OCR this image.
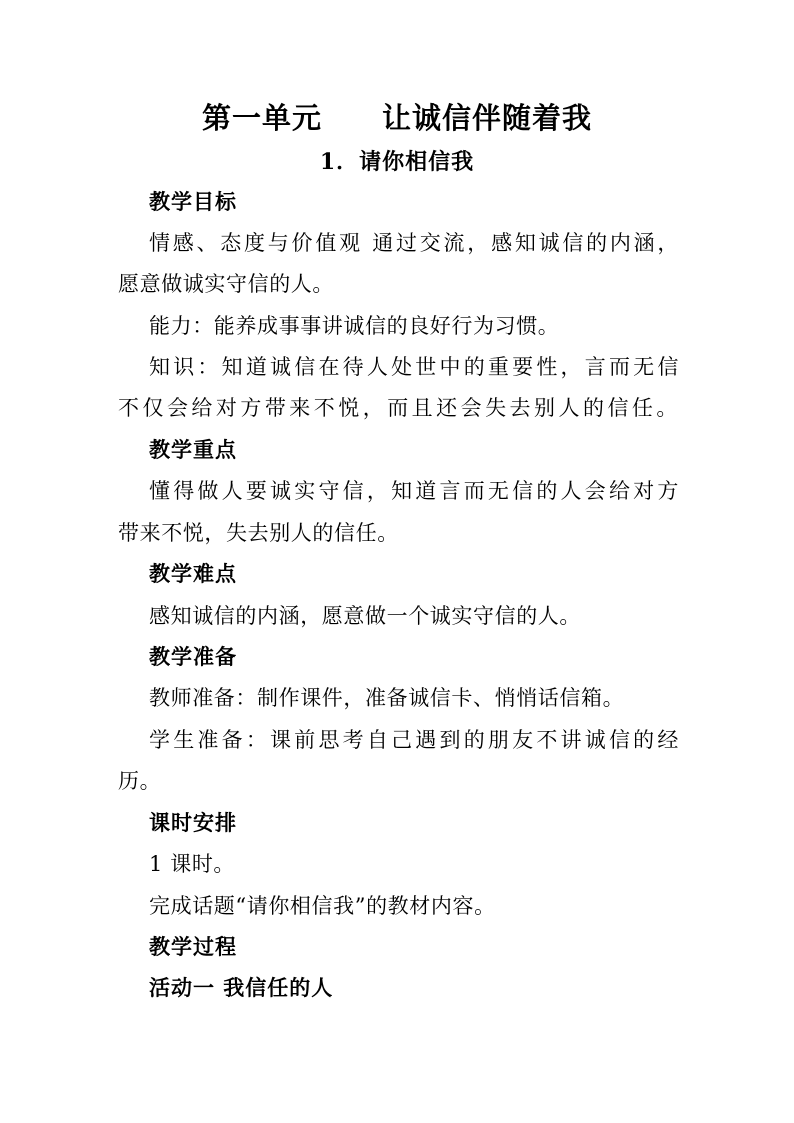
第一单元　　让诚信伴随着我
1．请你相信我
教学目标
情感、态度与价值观 通过交流，感知诚信的内涵，
愿意做诚实守信的人。
能力：能养成事事讲诚信的良好行为习惯。
知识：知道诚信在待人处世中的重要性，言而无信
不仅会给对方带来不悦，而且还会失去别人的信任。
教学重点
懂得做人要诚实守信，知道言而无信的人会给对方
带来不悦，失去别人的信任。
教学难点
感知诚信的内涵，愿意做一个诚实守信的人。
教学准备
教师准备：制作课件，准备诚信卡、悄悄话信箱。
学生准备：课前思考自己遇到的朋友不讲诚信的经
历。
课时安排
1 课时。
完成话题“请你相信我”的教材内容。
教学过程
活动一 我信任的人
